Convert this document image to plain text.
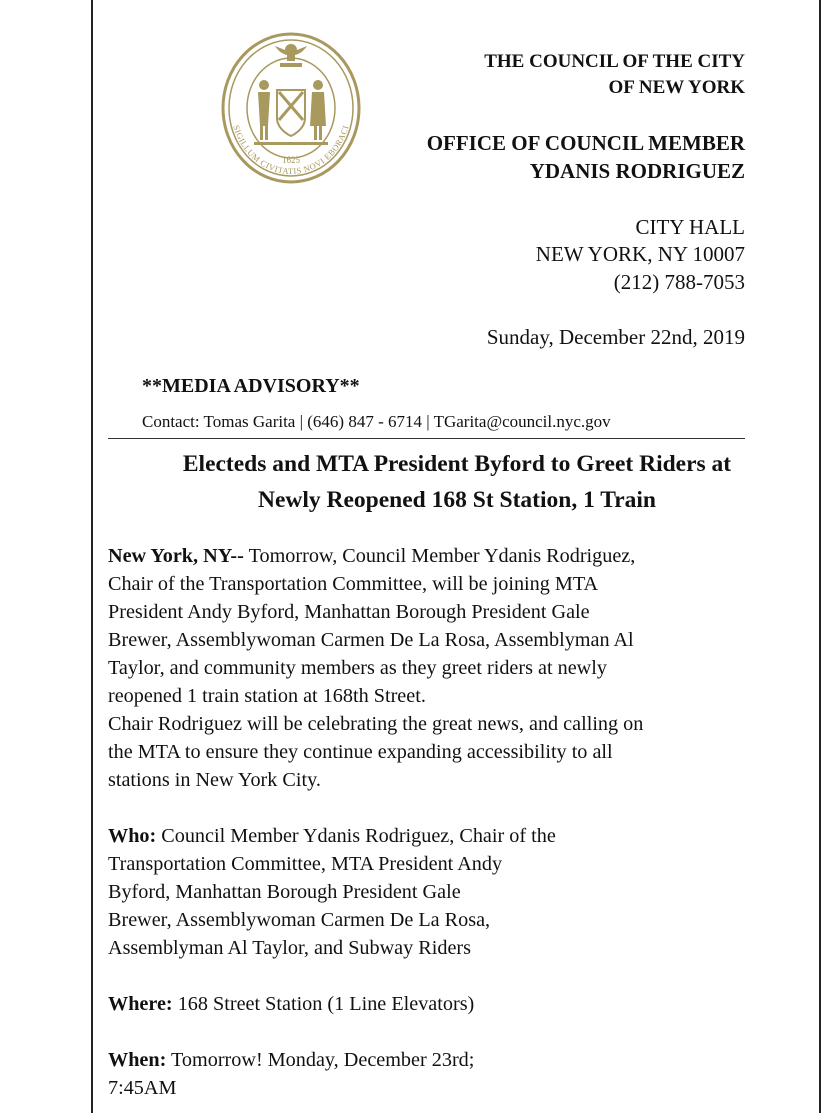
1625
SIGILLUM CIVITATIS NOVI EBORACI
THE COUNCIL OF THE CITY
OF NEW YORK
OFFICE OF COUNCIL MEMBER
YDANIS RODRIGUEZ
CITY HALL
NEW YORK, NY 10007
(212) 788-7053
Sunday, December 22nd, 2019
**MEDIA ADVISORY**
Contact: Tomas Garita | (646) 847 - 6714 | TGarita@council.nyc.gov
Electeds and MTA President Byford to Greet Riders at
Newly Reopened 168 St Station, 1 Train
New York, NY-- Tomorrow, Council Member Ydanis Rodriguez,
Chair of the Transportation Committee, will be joining MTA
President Andy Byford, Manhattan Borough President Gale
Brewer, Assemblywoman Carmen De La Rosa, Assemblyman Al
Taylor, and community members as they greet riders at newly
reopened 1 train station at 168th Street.
Chair Rodriguez will be celebrating the great news, and calling on
the MTA to ensure they continue expanding accessibility to all
stations in New York City.
Who: Council Member Ydanis Rodriguez, Chair of the
Transportation Committee, MTA President Andy
Byford, Manhattan Borough President Gale
Brewer, Assemblywoman Carmen De La Rosa,
Assemblyman Al Taylor, and Subway Riders
Where: 168 Street Station (1 Line Elevators)
When: Tomorrow! Monday, December 23rd;
7:45AM
